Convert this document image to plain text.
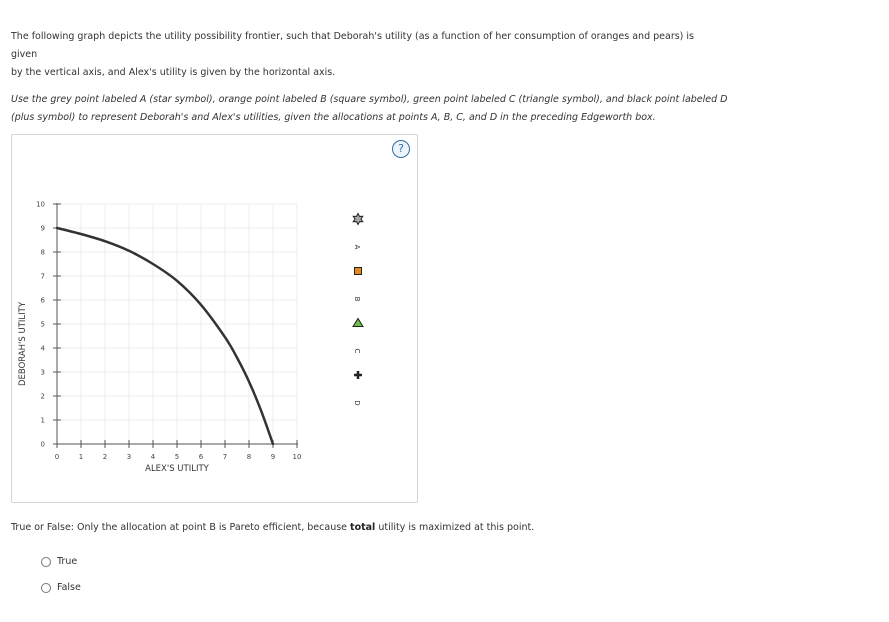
The following graph depicts the utility possibility frontier, such that Deborah's utility (as a function of her consumption of oranges and pears) is given
by the vertical axis, and Alex's utility is given by the horizontal axis.
Use the grey point labeled A (star symbol), orange point labeled B (square symbol), green point labeled C (triangle symbol), and black point labeled D
(plus symbol) to represent Deborah's and Alex's utilities, given the allocations at points A, B, C, and D in the preceding Edgeworth box.
0	1	2	3	4	5	6	7	8	9 10
0
1
2
3
4
5
6
7
8
9
10
ALEX'S UTILITY
DEBORAH'S UTILITY
A
B
C
D
?
True or False: Only the allocation at point B is Pareto efficient, because total utility is maximized at this point.
True
False
